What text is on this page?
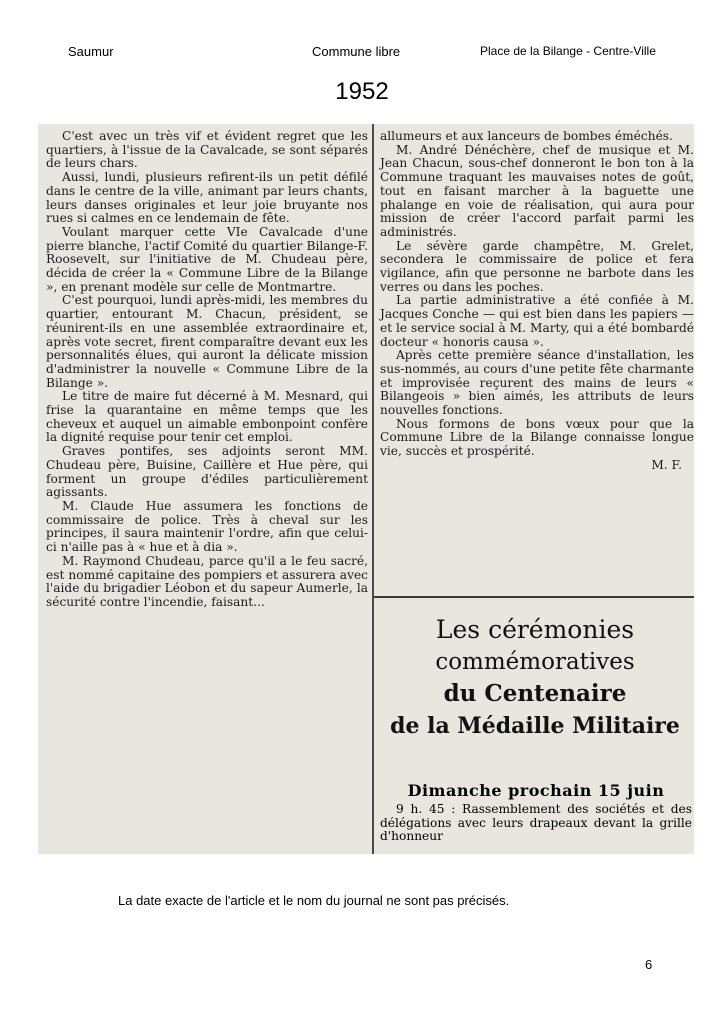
Saumur	Commune libre	Place de la Bilange - Centre-Ville
1952

C'est avec un très vif et évident regret que les quartiers, à l'issue de la Cavalcade, se sont séparés de leurs chars.

Aussi, lundi, plusieurs refirent-ils un petit défilé dans le centre de la ville, animant par leurs chants, leurs danses originales et leur joie bruyante nos rues si calmes en ce lendemain de fête.

Voulant marquer cette VIe Cavalcade d'une pierre blanche, l'actif Comité du quartier Bilange-F. Roosevelt, sur l'initiative de M. Chudeau père, décida de créer la « Commune Libre de la Bilange », en prenant modèle sur celle de Montmartre.

C'est pourquoi, lundi après-midi, les membres du quartier, entourant M. Chacun, président, se réunirent-ils en une assemblée extraordinaire et, après vote secret, firent comparaître devant eux les personnalités élues, qui auront la délicate mission d'administrer la nouvelle « Commune Libre de la Bilange ».

Le titre de maire fut décerné à M. Mesnard, qui frise la quarantaine en même temps que les cheveux et auquel un aimable embonpoint confère la dignité requise pour tenir cet emploi.

Graves pontifes, ses adjoints seront MM. Chudeau père, Buisine, Caillère et Hue père, qui forment un groupe d'édiles particulièrement agissants.

M. Claude Hue assumera les fonctions de commissaire de police. Très à cheval sur les principes, il saura maintenir l'ordre, afin que celui-ci n'aille pas à « hue et à dia ».

M. Raymond Chudeau, parce qu'il a le feu sacré, est nommé capitaine des pompiers et assurera avec l'aide du brigadier Léobon et du sapeur Aumerle, la sécurité contre l'incendie, faisant...

allumeurs et aux lanceurs de bombes éméchés.

M. André Dénéchère, chef de musique et M. Jean Chacun, sous-chef donneront le bon ton à la Commune traquant les mauvaises notes de goût, tout en faisant marcher à la baguette une phalange en voie de réalisation, qui aura pour mission de créer l'accord parfait parmi les administrés.

Le sévère garde champêtre, M. Grelet, secondera le commissaire de police et fera vigilance, afin que personne ne barbote dans les verres ou dans les poches.

La partie administrative a été confiée à M. Jacques Conche — qui est bien dans les papiers — et le service social à M. Marty, qui a été bombardé docteur « honoris causa ».

Après cette première séance d'installation, les sus-nommés, au cours d'une petite fête charmante et improvisée reçurent des mains de leurs « Bilangeois » bien aimés, les attributs de leurs nouvelles fonctions.

Nous formons de bons vœux pour que la Commune Libre de la Bilange connaisse longue vie, succès et prospérité.

M. F.

Les cérémonies
commémoratives
du Centenaire
de la Médaille Militaire
Dimanche prochain 15 juin

9 h. 45 : Rassemblement des sociétés et des délégations avec leurs drapeaux devant la grille d'honneur

La date exacte de l'article et le nom du journal ne sont pas précisés.
6
